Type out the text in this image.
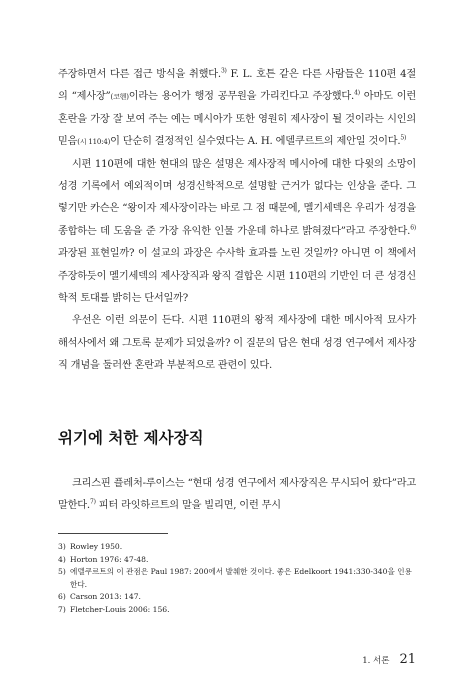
주장하면서 다른 접근 방식을 취했다.$^{3)}$ F. L. 호튼 같은 다른 사람들은 110편 4절의 “제사장”(코헨)이라는 용어가 행정 공무원을 가리킨다고 주장했다.$^{4)}$ 아마도 이런 혼란을 가장 잘 보여 주는 예는 메시아가 또한 영원히 제사장이 될 것이라는 시인의 믿음(시 110:4)이 단순히 결정적인 실수였다는 A. H. 에델쿠르트의 제안일 것이다.$^{5)}$

시편 110편에 대한 현대의 많은 설명은 제사장적 메시아에 대한 다윗의 소망이 성경 기록에서 예외적이며 성경신학적으로 설명할 근거가 없다는 인상을 준다. 그렇기만 카슨은 “왕이자 제사장이라는 바로 그 점 때문에, 멜기세덱은 우리가 성경을 종합하는 데 도움을 준 가장 유익한 인물 가운데 하나로 밝혀졌다”라고 주장한다.$^{6)}$ 과장된 표현일까? 이 설교의 과장은 수사학 효과를 노린 것일까? 아니면 이 책에서 주장하듯이 멜기세덱의 제사장직과 왕직 결합은 시편 110편의 기반인 더 큰 성경신학적 토대를 밝히는 단서일까?

우선은 이런 의문이 든다. 시편 110편의 왕적 제사장에 대한 메시아적 묘사가 해석사에서 왜 그토록 문제가 되었을까? 이 질문의 답은 현대 성경 연구에서 제사장직 개념을 둘러싼 혼란과 부분적으로 관련이 있다.

위기에 처한 제사장직

크리스핀 플레처-루이스는 “현대 성경 연구에서 제사장직은 무시되어 왔다”라고 말한다.$^{7)}$ 피터 라잇하르트의 말을 빌리면, 이런 무시

3) Rowley 1950.
4) Horton 1976: 47-48.
5) 에델쿠르트의 이 관점은 Paul 1987: 200에서 발췌한 것이다. 좋은 Edelkoort 1941:330-340을 인용한다.
6) Carson 2013: 147.
7) Fletcher-Louis 2006: 156.
1. 서론 21
